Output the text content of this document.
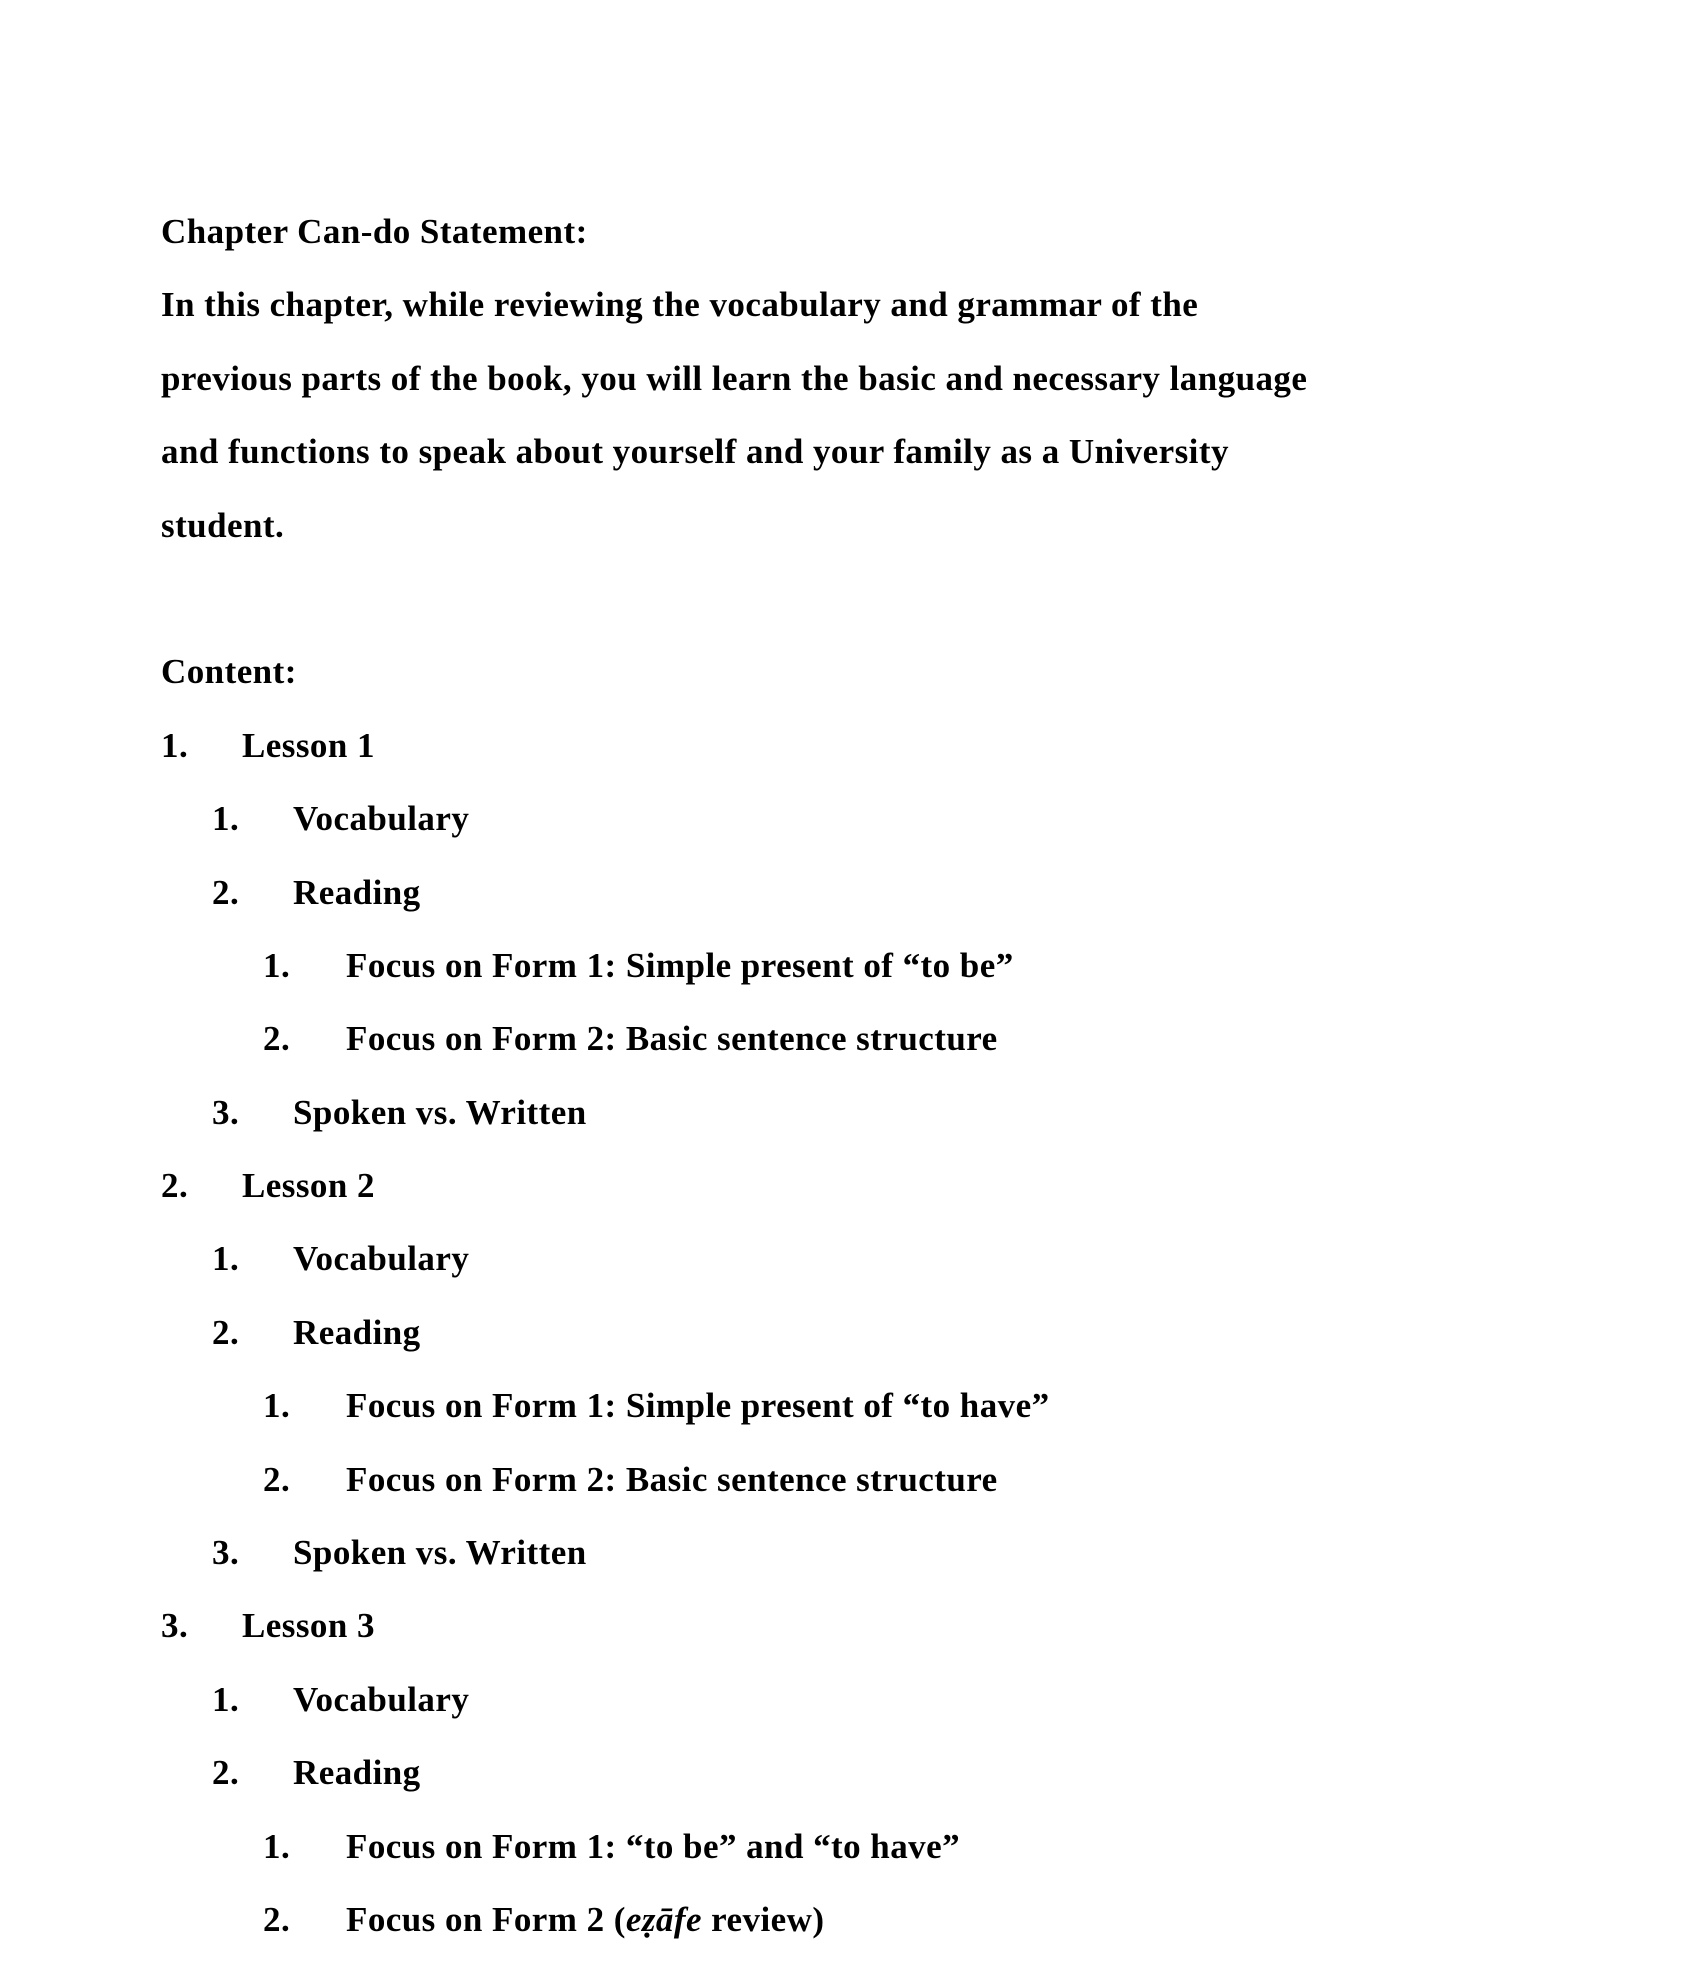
Chapter Can-do Statement:
In this chapter, while reviewing the vocabulary and grammar of the
previous parts of the book, you will learn the basic and necessary language
and functions to speak about yourself and your family as a University
student.
Content:
1. Lesson 1
1. Vocabulary
2. Reading
1. Focus on Form 1: Simple present of “to be”
2. Focus on Form 2: Basic sentence structure
3. Spoken vs. Written
2. Lesson 2
1. Vocabulary
2. Reading
1. Focus on Form 1: Simple present of “to have”
2. Focus on Form 2: Basic sentence structure
3. Spoken vs. Written
3. Lesson 3
1. Vocabulary
2. Reading
1. Focus on Form 1: “to be” and “to have”
2. Focus on Form 2 (eẓāfe review)
